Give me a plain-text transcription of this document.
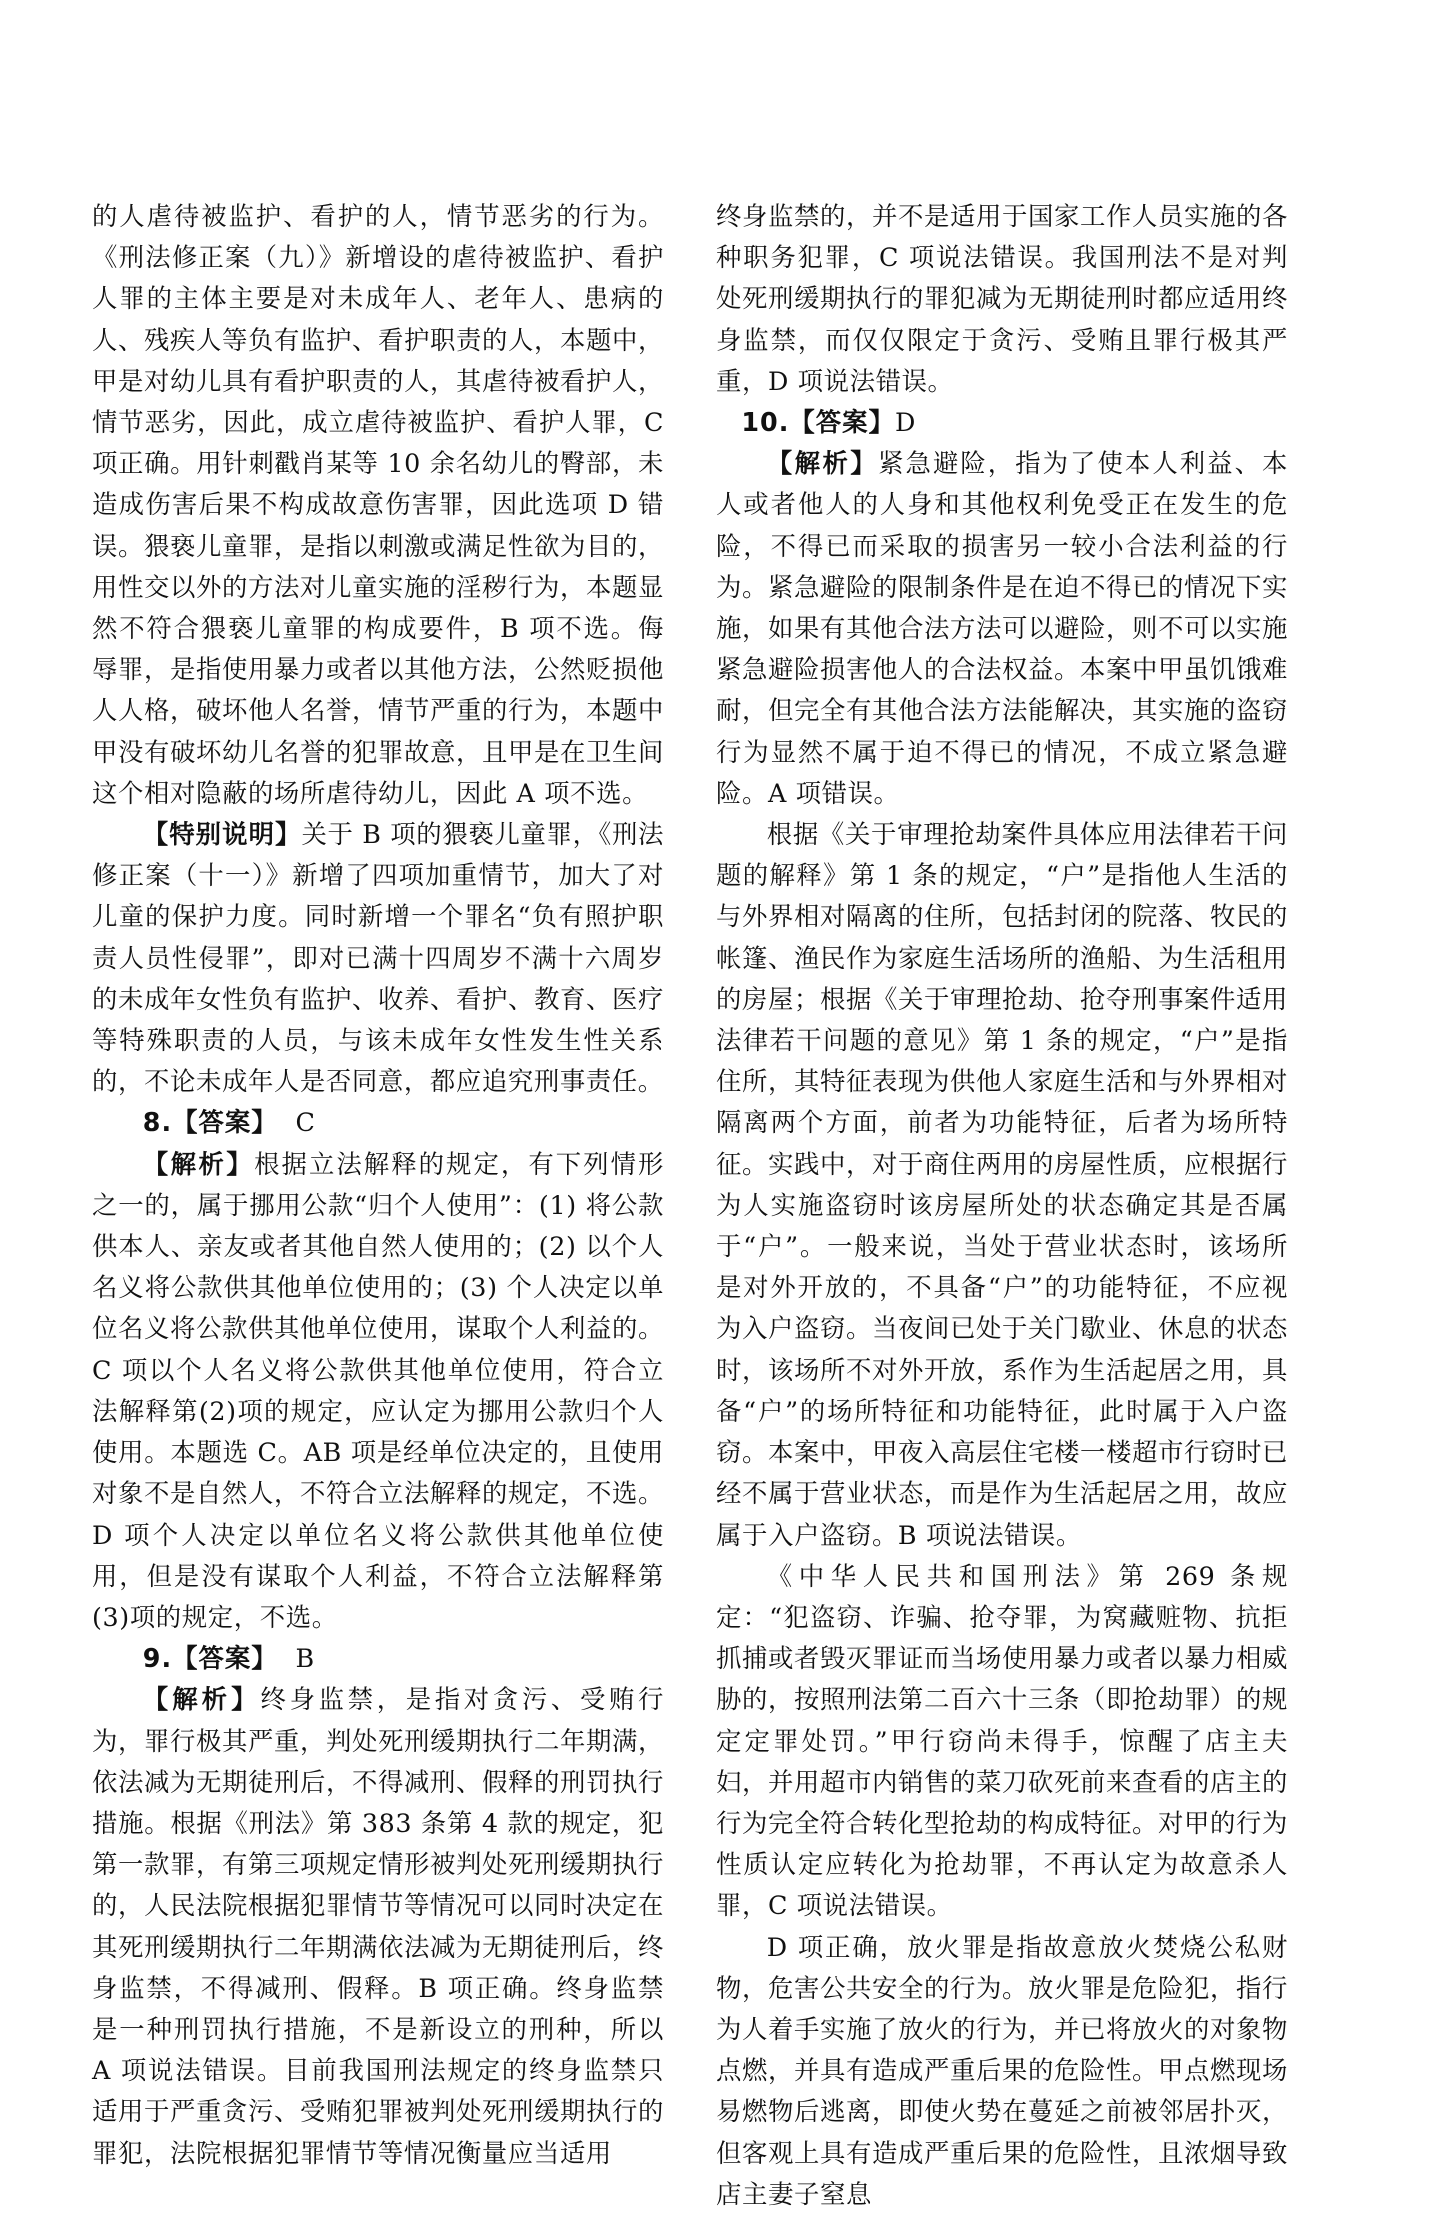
的人虐待被监护、看护的人，情节恶劣的行为。《刑法修正案（九）》新增设的虐待被监护、看护人罪的主体主要是对未成年人、老年人、患病的人、残疾人等负有监护、看护职责的人，本题中，甲是对幼儿具有看护职责的人，其虐待被看护人，情节恶劣，因此，成立虐待被监护、看护人罪，C 项正确。用针刺戳肖某等 10 余名幼儿的臀部，未造成伤害后果不构成故意伤害罪，因此选项 D 错误。猥亵儿童罪，是指以刺激或满足性欲为目的，用性交以外的方法对儿童实施的淫秽行为，本题显然不符合猥亵儿童罪的构成要件，B 项不选。侮辱罪，是指使用暴力或者以其他方法，公然贬损他人人格，破坏他人名誉，情节严重的行为，本题中甲没有破坏幼儿名誉的犯罪故意，且甲是在卫生间这个相对隐蔽的场所虐待幼儿，因此 A 项不选。

【特别说明】关于 B 项的猥亵儿童罪，《刑法修正案（十一）》新增了四项加重情节，加大了对儿童的保护力度。同时新增一个罪名“负有照护职责人员性侵罪”，即对已满十四周岁不满十六周岁的未成年女性负有监护、收养、看护、教育、医疗等特殊职责的人员，与该未成年女性发生性关系的，不论未成年人是否同意，都应追究刑事责任。

8.【答案】 C

【解析】根据立法解释的规定，有下列情形之一的，属于挪用公款“归个人使用”：(1) 将公款供本人、亲友或者其他自然人使用的；(2) 以个人名义将公款供其他单位使用的；(3) 个人决定以单位名义将公款供其他单位使用，谋取个人利益的。C 项以个人名义将公款供其他单位使用，符合立法解释第(2)项的规定，应认定为挪用公款归个人使用。本题选 C。AB 项是经单位决定的，且使用对象不是自然人，不符合立法解释的规定，不选。D 项个人决定以单位名义将公款供其他单位使用，但是没有谋取个人利益，不符合立法解释第(3)项的规定，不选。

9.【答案】 B

【解析】终身监禁，是指对贪污、受贿行为，罪行极其严重，判处死刑缓期执行二年期满，依法减为无期徒刑后，不得减刑、假释的刑罚执行措施。根据《刑法》第 383 条第 4 款的规定，犯第一款罪，有第三项规定情形被判处死刑缓期执行的，人民法院根据犯罪情节等情况可以同时决定在其死刑缓期执行二年期满依法减为无期徒刑后，终身监禁，不得减刑、假释。B 项正确。终身监禁是一种刑罚执行措施，不是新设立的刑种，所以 A 项说法错误。目前我国刑法规定的终身监禁只适用于严重贪污、受贿犯罪被判处死刑缓期执行的罪犯，法院根据犯罪情节等情况衡量应当适用

终身监禁的，并不是适用于国家工作人员实施的各种职务犯罪，C 项说法错误。我国刑法不是对判处死刑缓期执行的罪犯减为无期徒刑时都应适用终身监禁，而仅仅限定于贪污、受贿且罪行极其严重，D 项说法错误。

10.【答案】D

【解析】紧急避险，指为了使本人利益、本人或者他人的人身和其他权利免受正在发生的危险，不得已而采取的损害另一较小合法利益的行为。紧急避险的限制条件是在迫不得已的情况下实施，如果有其他合法方法可以避险，则不可以实施紧急避险损害他人的合法权益。本案中甲虽饥饿难耐，但完全有其他合法方法能解决，其实施的盗窃行为显然不属于迫不得已的情况，不成立紧急避险。A 项错误。

根据《关于审理抢劫案件具体应用法律若干问题的解释》第 1 条的规定，“户”是指他人生活的与外界相对隔离的住所，包括封闭的院落、牧民的帐篷、渔民作为家庭生活场所的渔船、为生活租用的房屋；根据《关于审理抢劫、抢夺刑事案件适用法律若干问题的意见》第 1 条的规定，“户”是指住所，其特征表现为供他人家庭生活和与外界相对隔离两个方面，前者为功能特征，后者为场所特征。实践中，对于商住两用的房屋性质，应根据行为人实施盗窃时该房屋所处的状态确定其是否属于“户”。一般来说，当处于营业状态时，该场所是对外开放的，不具备“户”的功能特征，不应视为入户盗窃。当夜间已处于关门歇业、休息的状态时，该场所不对外开放，系作为生活起居之用，具备“户”的场所特征和功能特征，此时属于入户盗窃。本案中，甲夜入高层住宅楼一楼超市行窃时已经不属于营业状态，而是作为生活起居之用，故应属于入户盗窃。B 项说法错误。

《中华人民共和国刑法》第 269 条规定：“犯盗窃、诈骗、抢夺罪，为窝藏赃物、抗拒抓捕或者毁灭罪证而当场使用暴力或者以暴力相威胁的，按照刑法第二百六十三条（即抢劫罪）的规定定罪处罚。”甲行窃尚未得手，惊醒了店主夫妇，并用超市内销售的菜刀砍死前来查看的店主的行为完全符合转化型抢劫的构成特征。对甲的行为性质认定应转化为抢劫罪，不再认定为故意杀人罪，C 项说法错误。

D 项正确，放火罪是指故意放火焚烧公私财物，危害公共安全的行为。放火罪是危险犯，指行为人着手实施了放火的行为，并已将放火的对象物点燃，并具有造成严重后果的危险性。甲点燃现场易燃物后逃离，即使火势在蔓延之前被邻居扑灭，但客观上具有造成严重后果的危险性，且浓烟导致店主妻子窒息
